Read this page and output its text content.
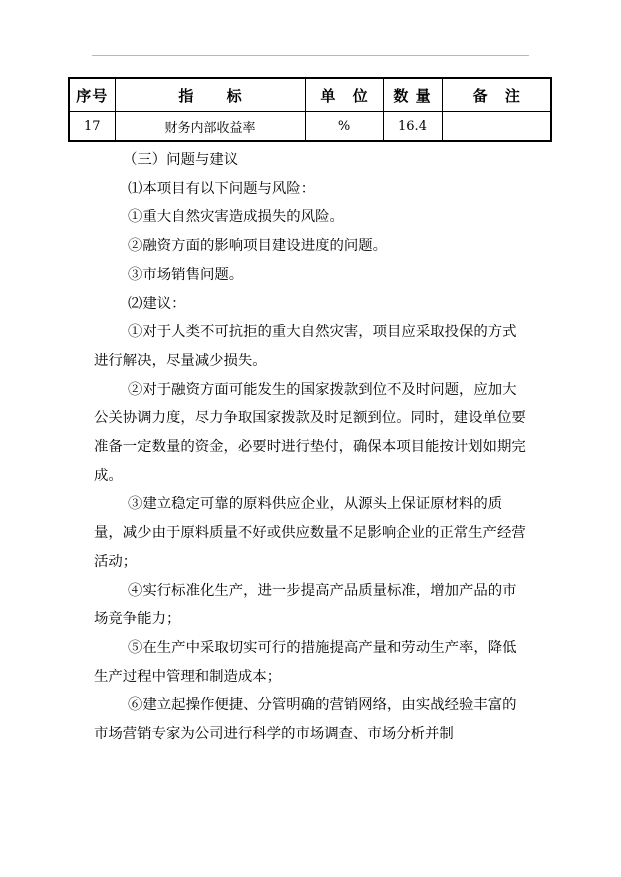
序号	指 标	单 位	数 量	备 注
17	财务内部收益率	%	16.4	

（三）问题与建议

⑴本项目有以下问题与风险：

①重大自然灾害造成损失的风险。

②融资方面的影响项目建设进度的问题。

③市场销售问题。

⑵建议：

①对于人类不可抗拒的重大自然灾害，项目应采取投保的方式进行解决，尽量减少损失。

②对于融资方面可能发生的国家拨款到位不及时问题，应加大公关协调力度，尽力争取国家拨款及时足额到位。同时，建设单位要准备一定数量的资金，必要时进行垫付，确保本项目能按计划如期完成。

③建立稳定可靠的原料供应企业，从源头上保证原材料的质量，减少由于原料质量不好或供应数量不足影响企业的正常生产经营活动；

④实行标准化生产，进一步提高产品质量标准，增加产品的市场竞争能力；

⑤在生产中采取切实可行的措施提高产量和劳动生产率，降低生产过程中管理和制造成本；

⑥建立起操作便捷、分管明确的营销网络，由实战经验丰富的市场营销专家为公司进行科学的市场调查、市场分析并制
